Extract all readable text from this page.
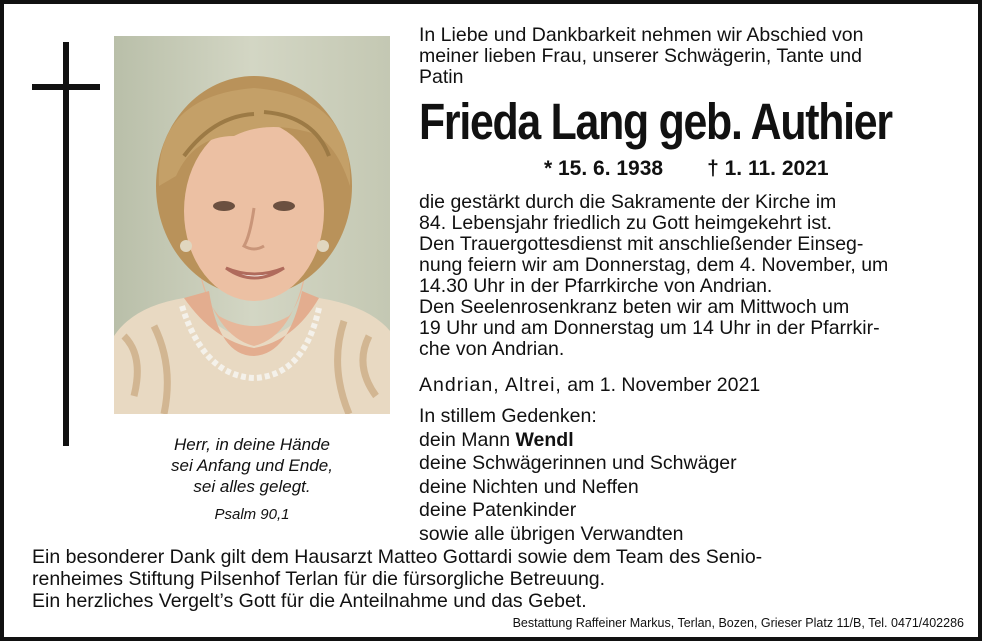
Herr, in deine Hände
sei Anfang und Ende,
sei alles gelegt.
Psalm 90,1
In Liebe und Dankbarkeit nehmen wir Abschied von
meiner lieben Frau, unserer Schwägerin, Tante und
Patin
Frieda Lang geb. Authier
* 15. 6. 1938 † 1. 11. 2021
die gestärkt durch die Sakramente der Kirche im
84. Lebensjahr friedlich zu Gott heimgekehrt ist.
Den Trauergottesdienst mit anschließender Einseg-
nung feiern wir am Donnerstag, dem 4. November, um
14.30 Uhr in der Pfarrkirche von Andrian.
Den Seelenrosenkranz beten wir am Mittwoch um
19 Uhr und am Donnerstag um 14 Uhr in der Pfarrkir-
che von Andrian.
Andrian, Altrei, am 1. November 2021
In stillem Gedenken:
dein Mann Wendl
deine Schwägerinnen und Schwäger
deine Nichten und Neffen
deine Patenkinder
sowie alle übrigen Verwandten
Ein besonderer Dank gilt dem Hausarzt Matteo Gottardi sowie dem Team des Senio-
renheimes Stiftung Pilsenhof Terlan für die fürsorgliche Betreuung.
Ein herzliches Vergelt’s Gott für die Anteilnahme und das Gebet.
Bestattung Raffeiner Markus, Terlan, Bozen, Grieser Platz 11/B, Tel. 0471/402286
